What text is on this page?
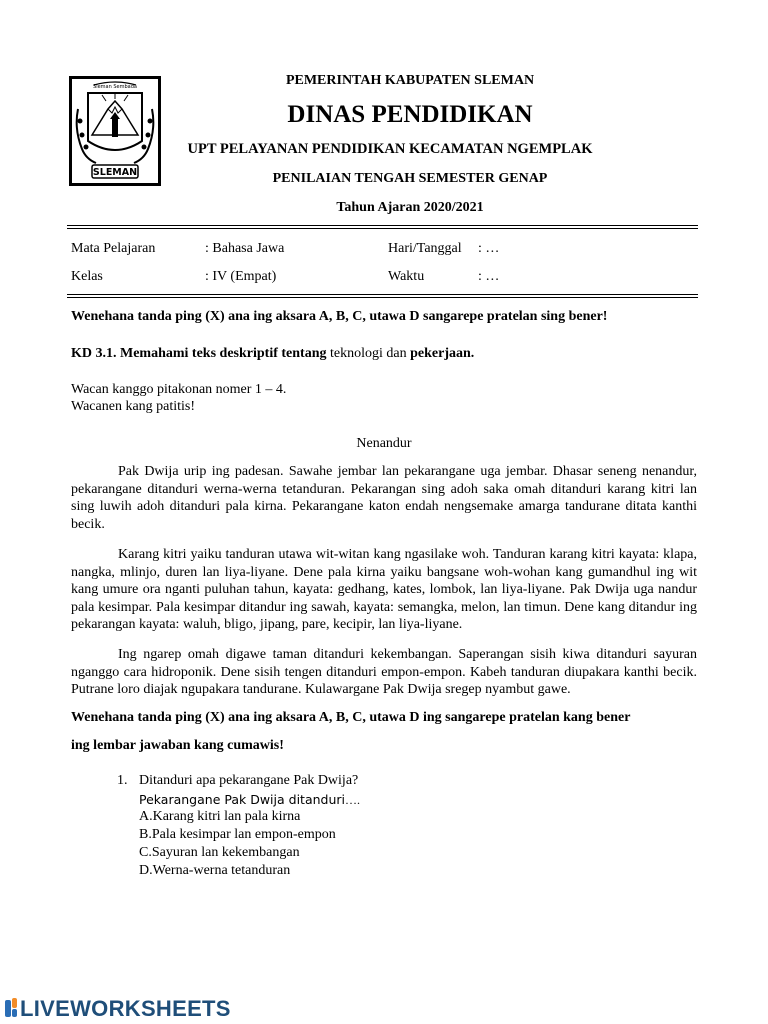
Sleman Sembada
SLEMAN
PEMERINTAH KABUPATEN SLEMAN
DINAS PENDIDIKAN
UPT PELAYANAN PENDIDIKAN KECAMATAN NGEMPLAK
PENILAIAN TENGAH SEMESTER GENAP
Tahun Ajaran 2020/2021
Mata Pelajaran	: Bahasa Jawa	Hari/Tanggal : …
Kelas	: IV (Empat)	Waktu	: …
Wenehana tanda ping (X) ana ing aksara A, B, C, utawa D sangarepe pratelan sing bener!
KD 3.1. Memahami teks deskriptif tentang teknologi dan pekerjaan.
Wacan kanggo pitakonan nomer 1 – 4.
Wacanen kang patitis!
Nenandur

Pak Dwija urip ing padesan. Sawahe jembar lan pekarangane uga jembar. Dhasar seneng nenandur, pekarangane ditanduri werna-werna tetanduran. Pekarangan sing adoh saka omah ditanduri karang kitri lan sing luwih adoh ditanduri pala kirna. Pekarangane katon endah nengsemake amarga tandurane ditata kanthi becik.

Karang kitri yaiku tanduran utawa wit-witan kang ngasilake woh. Tanduran karang kitri kayata: klapa, nangka, mlinjo, duren lan liya-liyane. Dene pala kirna yaiku bangsane woh-wohan kang gumandhul ing wit kang umure ora nganti puluhan tahun, kayata: gedhang, kates, lombok, lan liya-liyane. Pak Dwija uga nandur pala kesimpar. Pala kesimpar ditandur ing sawah, kayata: semangka, melon, lan timun. Dene kang ditandur ing pekarangan kayata: waluh, bligo, jipang, pare, kecipir, lan liya-liyane.

Ing ngarep omah digawe taman ditanduri kekembangan. Saperangan sisih kiwa ditanduri sayuran nganggo cara hidroponik. Dene sisih tengen ditanduri empon-empon. Kabeh tanduran diupakara kanthi becik. Putrane loro diajak ngupakara tandurane. Kulawargane Pak Dwija sregep nyambut gawe.

Wenehana tanda ping (X) ana ing aksara A, B, C, utawa D ing sangarepe pratelan kang bener
ing lembar jawaban kang cumawis!
1. Ditanduri apa pekarangane Pak Dwija?
Pekarangane Pak Dwija ditanduri….
A.Karang kitri lan pala kirna
B.Pala kesimpar lan empon-empon
C.Sayuran lan kekembangan
D.Werna-werna tetanduran
LIVEWORKSHEETS
